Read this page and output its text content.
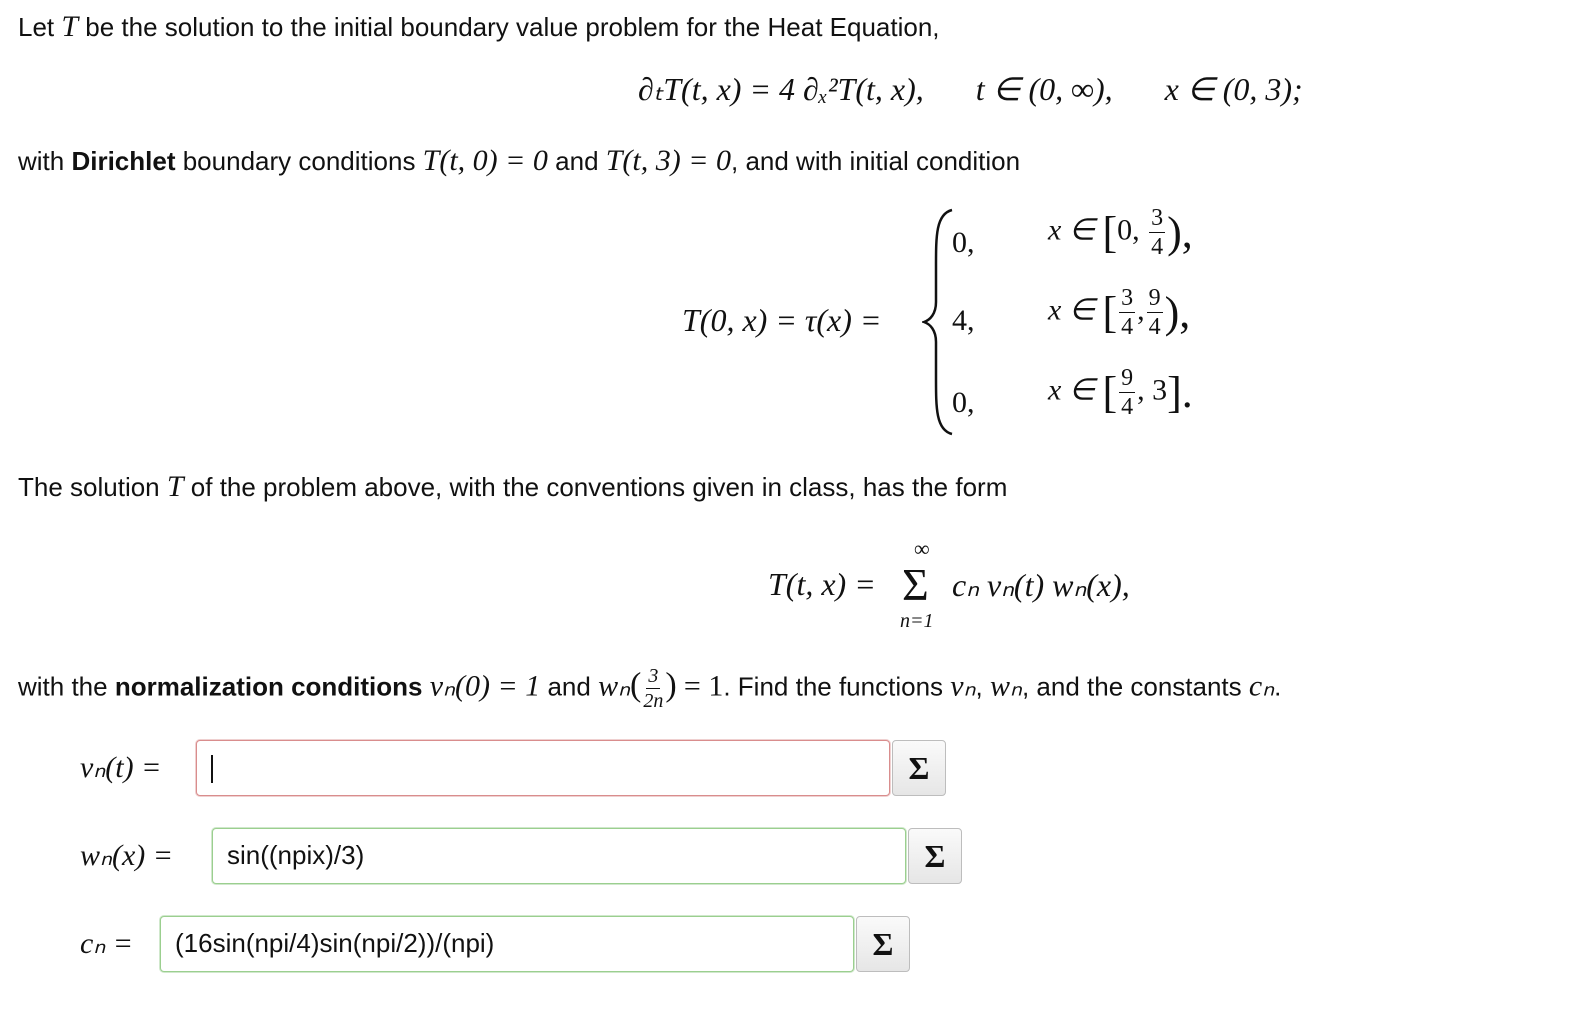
Let T be the solution to the initial boundary value problem for the Heat Equation,
∂ₜT(t, x) = 4 ∂ₓ²T(t, x), t ∈ (0, ∞), x ∈ (0, 3);
with Dirichlet boundary conditions T(t, 0) = 0 and T(t, 3) = 0, and with initial condition
T(0, x) = τ(x) =
0, x ∈ [0, $\frac{3}{4}$ ),
4, x ∈ [ $\frac{3}{4}$ , $\frac{9}{4}$ ),
0, x ∈ [ $\frac{9}{4}$ , 3].
The solution T of the problem above, with the conventions given in class, has the form
T(t, x) =
∞
Σ
n=1
cₙ vₙ(t) wₙ(x),
with the normalization conditions vₙ(0) = 1 and $w_n( \frac{3}{2n}$ ) = 1. Find the functions vₙ, wₙ, and the constants cₙ.
vₙ(t) =	Σ
wₙ(x) =	sin((npix)/3)	Σ
cₙ =	(16sin(npi/4)sin(npi/2))/(npi)	Σ
